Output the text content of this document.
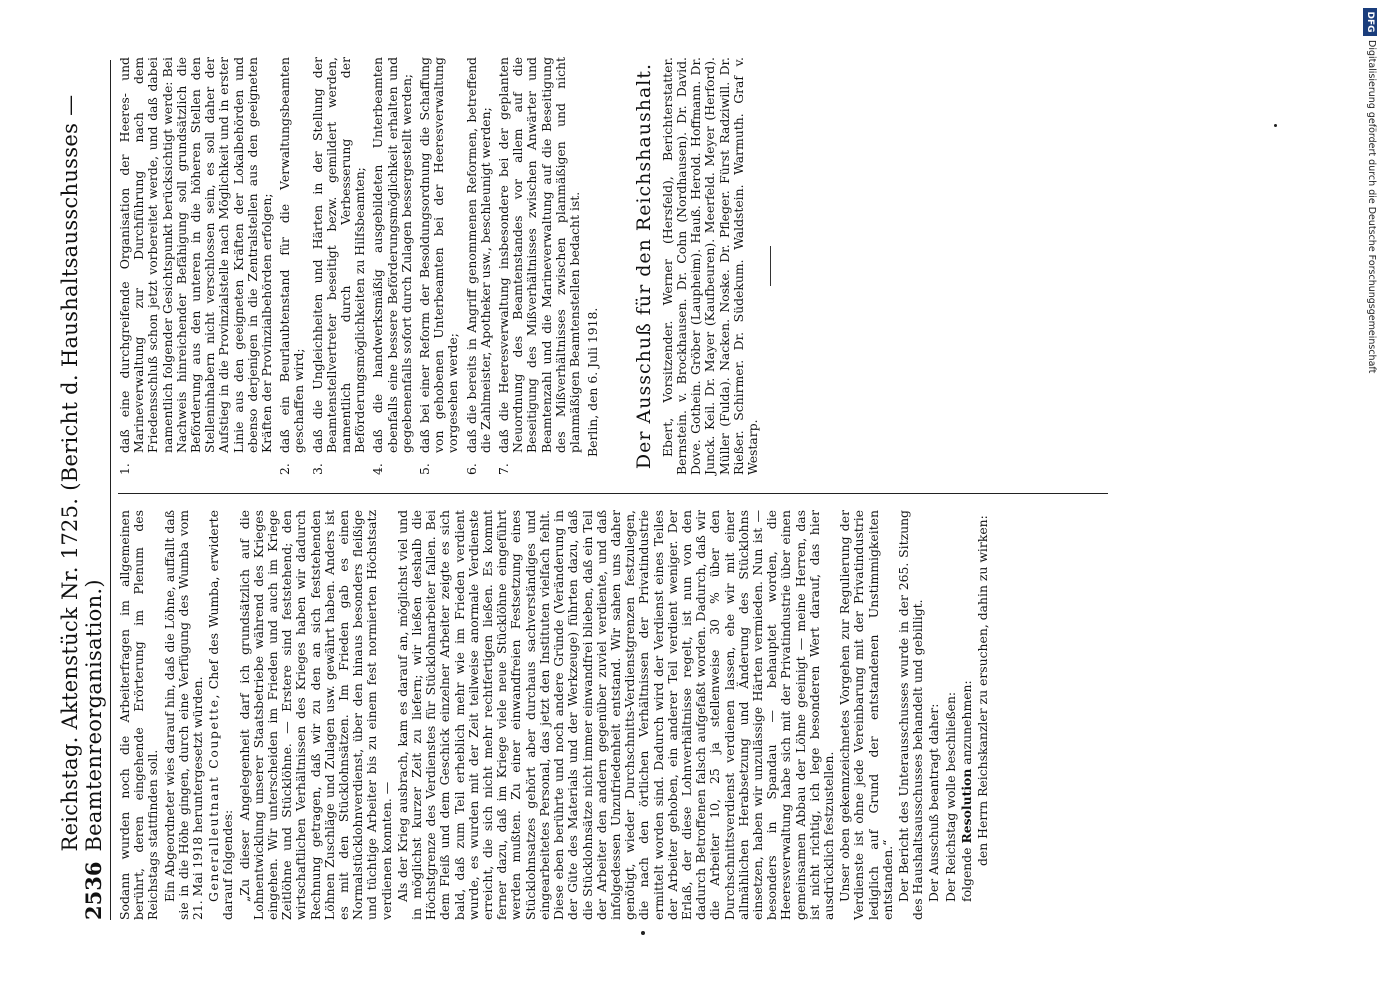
2536
Reichstag. Aktenstück Nr. 1725. (Bericht d. Haushaltsausschusses — Beamtenreorganisation.) Sodann wurden noch die Arbeiterfragen im allgemeinen berührt, deren eingehende Erörterung im Plenum des Reichstags stattfinden soll. Ein Abgeordneter wies darauf hin, daß die Löhne, auffallt daß sie in die Höhe gingen, durch eine Verfügung des Wumba vom 21. Mai 1918 heruntergesetzt würden. Generalleutnant Coupette, Chef des Wumba, erwiderte darauf folgendes: „Zu dieser Angelegenheit darf ich grundsätzlich auf die Lohnentwicklung unserer Staatsbetriebe während des Krieges eingehen. Wir unterscheiden im Frieden und auch im Kriege Zeitlöhne und Stücklöhne. — Erstere sind feststehend; den wirtschaftlichen Verhältnissen des Krieges haben wir dadurch Rechnung getragen, daß wir zu den an sich feststehenden Löhnen Zuschläge und Zulagen usw. gewährt haben. Anders ist es mit den Stücklohnsätzen. Im Frieden gab es einen Normalstücklohnverdienst, über den hinaus besonders fleißige und tüchtige Arbeiter bis zu einem fest normierten Höchstsatz verdienen konnten. — Als der Krieg ausbrach, kam es darauf an, möglichst viel und in möglichst kurzer Zeit zu liefern; wir ließen deshalb die Höchstgrenze des Verdienstes für Stücklohnarbeiter fallen. Bei dem Fleiß und dem Geschick einzelner Arbeiter zeigte es sich bald, daß zum Teil erheblich mehr wie im Frieden verdient wurde, es wurden mit der Zeit teilweise anormale Verdienste erreicht, die sich nicht mehr rechtfertigen ließen. Es kommt ferner dazu, daß im Kriege viele neue Stücklöhne eingeführt werden mußten. Zu einer einwandfreien Festsetzung eines Stücklohnsatzes gehört aber durchaus sachverständiges und eingearbeitetes Personal, das jetzt den Instituten vielfach fehlt. Diese eben berührte und noch andere Gründe (Veränderung in der Güte des Materials und der Werkzeuge) führten dazu, daß die Stücklohnsätze nicht immer einwandfrei blieben, daß ein Teil der Arbeiter den andern gegenüber zuviel verdiente, und daß infolgedessen Unzufriedenheit entstand. Wir sahen uns daher genötigt, wieder Durchschnitts-Verdienstgrenzen festzulegen, die nach den örtlichen Verhältnissen der Privatindustrie ermittelt worden sind. Dadurch wird der Verdienst eines Teiles der Arbeiter gehoben, ein anderer Teil verdient weniger. Der Erlaß, der diese Lohnverhältnisse regelt, ist nun von den dadurch Betroffenen falsch aufgefaßt worden. Dadurch, daß wir die Arbeiter 10, 25 ja stellenweise 30 % über den Durchschnittsverdienst verdienen lassen, ehe wir mit einer allmählichen Herabsetzung und Änderung des Stücklohns einsetzen, haben wir unzulässige Härten vermieden. Nun ist — besonders in Spandau — behauptet worden, die Heeresverwaltung habe sich mit der Privatindustrie über einen gemeinsamen Abbau der Löhne geeinigt — meine Herren, das ist nicht richtig, ich lege besonderen Wert darauf, das hier ausdrücklich festzustellen. Unser oben gekennzeichnetes Vorgehen zur Regulierung der Verdienste ist ohne jede Vereinbarung mit der Privatindustrie lediglich auf Grund der entstandenen Unstimmigkeiten entstanden.“ Der Bericht des Unterausschusses wurde in der 265. Sitzung des Haushaltsausschusses behandelt und gebilligt. Der Ausschuß beantragt daher: Der Reichstag wolle beschließen: folgende Resolution anzunehmen: den Herrn Reichskanzler zu ersuchen, dahin zu wirken:

1.
daß eine durchgreifende Organisation der Heeres- und Marineverwaltung zur Durchführung nach dem Friedensschluß schon jetzt vorbereitet werde, und daß dabei namentlich folgender Gesichtspunkt berücksichtigt werde: Bei Nachweis hinreichender Befähigung soll grundsätzlich die Beförderung aus den unteren in die höheren Stellen den Stelleninhabern nicht verschlossen sein, es soll daher der Aufstieg in die Provinzialstelle nach Möglichkeit und in erster Linie aus den geeigneten Kräften der Lokalbehörden und ebenso derjenigen in die Zentralstellen aus den geeigneten Kräften der Provinzialbehörden erfolgen;
2.
daß ein Beurlaubtenstand für die Verwaltungsbeamten geschaffen wird;
3.
daß die Ungleichheiten und Härten in der Stellung der Beamtenstellvertreter beseitigt bezw. gemildert werden, namentlich durch Verbesserung der Beförderungsmöglichkeiten zu Hilfsbeamten;
4.
daß die handwerksmäßig ausgebildeten Unterbeamten ebenfalls eine bessere Beförderungsmöglichkeit erhalten und gegebenenfalls sofort durch Zulagen bessergestellt werden;
5.
daß bei einer Reform der Besoldungsordnung die Schaffung von gehobenen Unterbeamten bei der Heeresverwaltung vorgesehen werde;
6.
daß die bereits in Angriff genommenen Reformen, betreffend die Zahlmeister, Apotheker usw., beschleunigt werden;
7.
daß die Heeresverwaltung insbesondere bei der geplanten Neuordnung des Beamtenstandes vor allem auf die Beseitigung des Mißverhältnisses zwischen Anwärter und Beamtenzahl und die Marineverwaltung auf die Beseitigung des Mißverhältnisses zwischen planmäßigen und nicht planmäßigen Beamtenstellen bedacht ist. Berlin, den 6. Juli 1918. Der Ausschuß für den Reichshaushalt. Ebert, Vorsitzender. Werner (Hersfeld), Berichterstatter. Bernstein. v. Brockhausen. Dr. Cohn (Nordhausen). Dr. David. Dove. Gothein. Gröber (Laupheim). Hauß. Herold. Hoffmann. Dr. Junck. Keil. Dr. Mayer (Kaufbeuren). Meerfeld. Meyer (Herford). Müller (Fulda). Nacken. Noske. Dr. Pfleger. Fürst Radziwill. Dr. Rießer. Schirmer. Dr. Südekum. Waldstein. Warmuth. Graf v. Westarp.

DFG
Digitalisierung gefördert durch die Deutsche Forschungsgemeinschaft
